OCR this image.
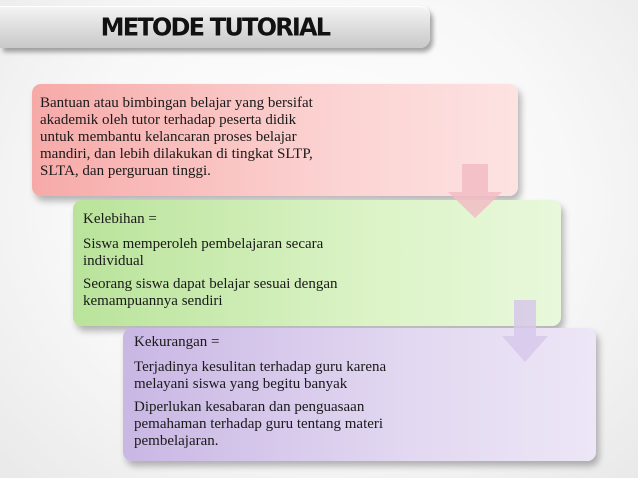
METODE TUTORIAL

Bantuan atau bimbingan belajar yang bersifat
akademik oleh tutor terhadap peserta didik
untuk membantu kelancaran proses belajar
mandiri, dan lebih dilakukan di tingkat SLTP,
SLTA, dan perguruan tinggi.

Kelebihan =

Siswa memperoleh pembelajaran secara
individual

Seorang siswa dapat belajar sesuai dengan
kemampuannya sendiri

Kekurangan =

Terjadinya kesulitan terhadap guru karena
melayani siswa yang begitu banyak

Diperlukan kesabaran dan penguasaan
pemahaman terhadap guru tentang materi
pembelajaran.
